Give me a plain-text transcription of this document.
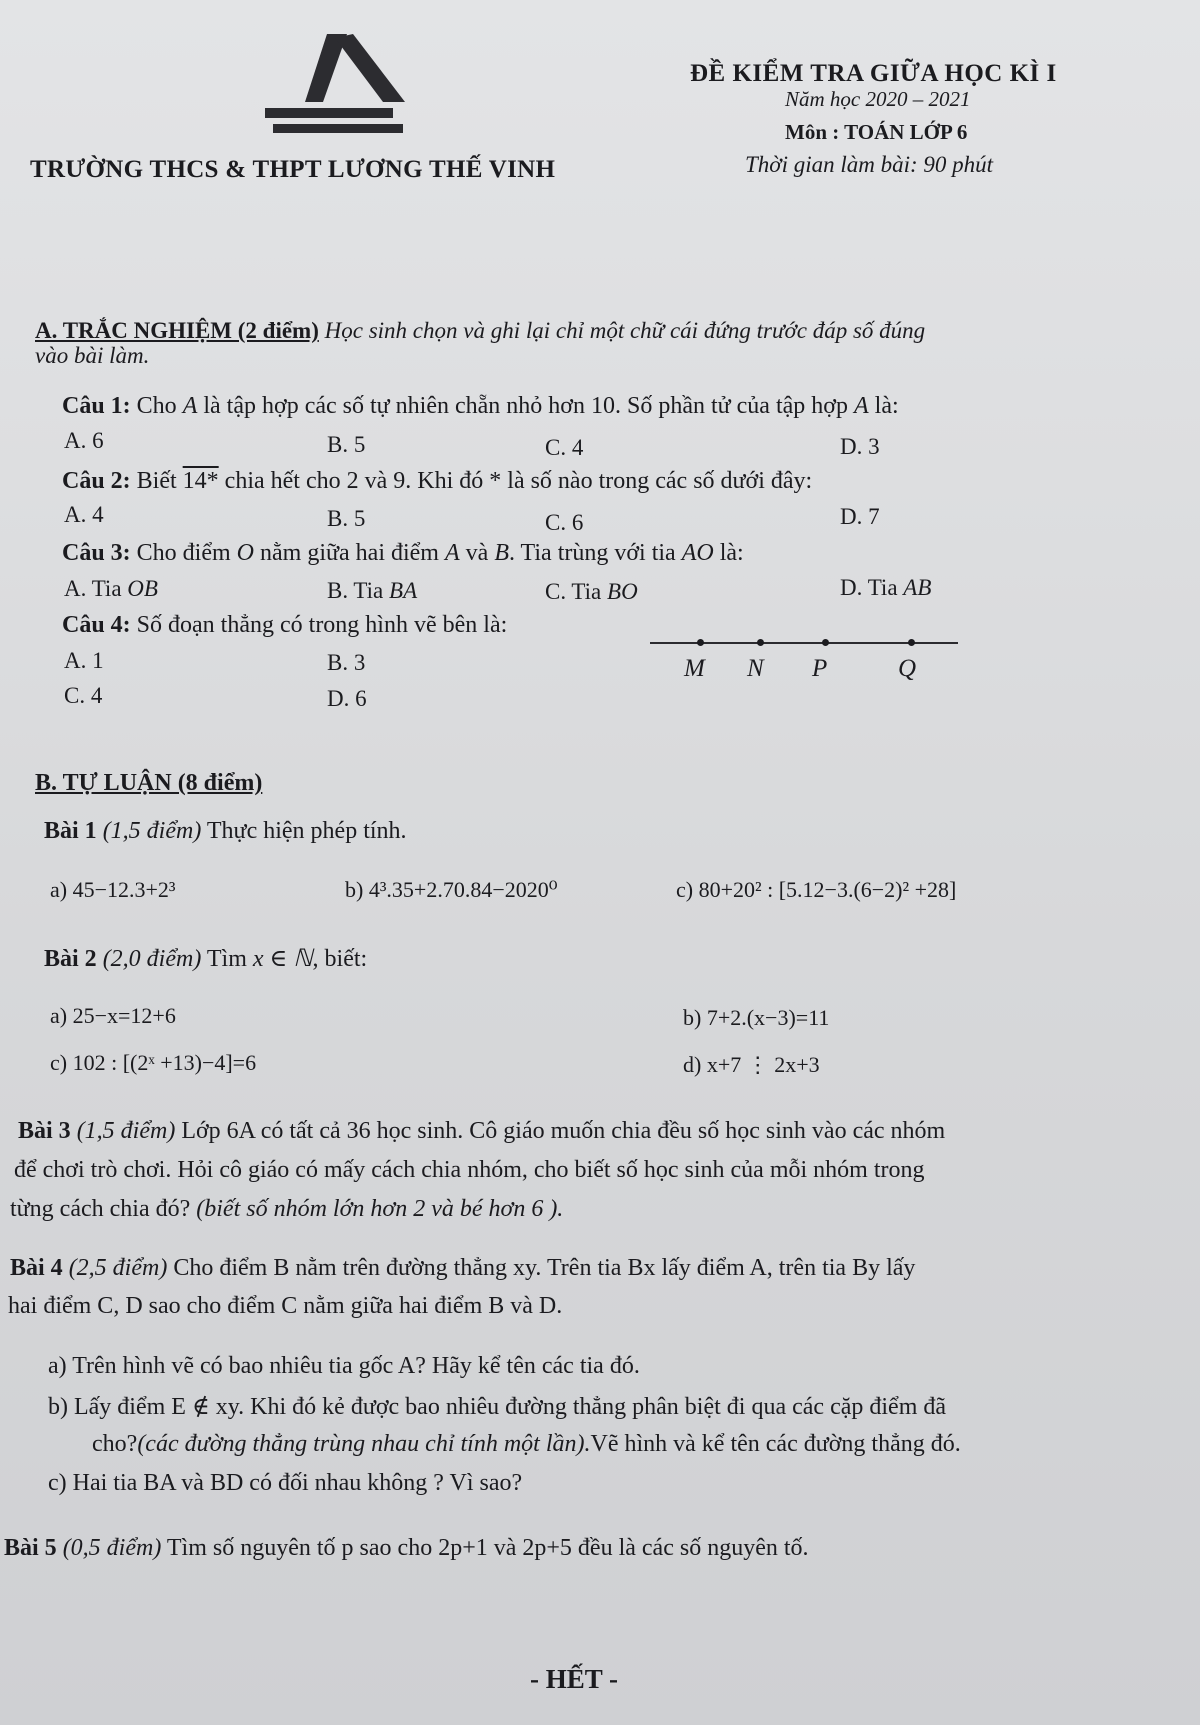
TRƯỜNG THCS & THPT LƯƠNG THẾ VINH
ĐỀ KIỂM TRA GIỮA HỌC KÌ I
Năm học 2020 – 2021
Môn : TOÁN LỚP 6
Thời gian làm bài: 90 phút
A. TRẮC NGHIỆM (2 điểm) Học sinh chọn và ghi lại chỉ một chữ cái đứng trước đáp số đúng
vào bài làm.
Câu 1: Cho A là tập hợp các số tự nhiên chẵn nhỏ hơn 10. Số phần tử của tập hợp A là:
A. 6	B. 5	C. 4	D. 3
Câu 2: Biết 14* chia hết cho 2 và 9. Khi đó * là số nào trong các số dưới đây:
A. 4	B. 5	C. 6	D. 7
Câu 3: Cho điểm O nằm giữa hai điểm A và B. Tia trùng với tia AO là:
A. Tia OB	B. Tia BA	C. Tia BO	D. Tia AB
Câu 4: Số đoạn thẳng có trong hình vẽ bên là:
A. 1	B. 3
C. 4	D. 6
M N P	Q
B. TỰ LUẬN (8 điểm)
Bài 1 (1,5 điểm) Thực hiện phép tính.
a) 45−12.3+2³	b) 4³.35+2.70.84−2020⁰	c) 80+20² : [5.12−3.(6−2)² +28]
Bài 2 (2,0 điểm) Tìm x ∈ ℕ, biết:
a) 25−x=12+6	b) 7+2.(x−3)=11
c) 102 : [(2ˣ +13)−4]=6	d) x+7 ⋮ 2x+3
Bài 3 (1,5 điểm) Lớp 6A có tất cả 36 học sinh. Cô giáo muốn chia đều số học sinh vào các nhóm
để chơi trò chơi. Hỏi cô giáo có mấy cách chia nhóm, cho biết số học sinh của mỗi nhóm trong
từng cách chia đó? (biết số nhóm lớn hơn 2 và bé hơn 6 ).
Bài 4 (2,5 điểm) Cho điểm B nằm trên đường thẳng xy. Trên tia Bx lấy điểm A, trên tia By lấy
hai điểm C, D sao cho điểm C nằm giữa hai điểm B và D.
a) Trên hình vẽ có bao nhiêu tia gốc A? Hãy kể tên các tia đó.
b) Lấy điểm E ∉ xy. Khi đó kẻ được bao nhiêu đường thẳng phân biệt đi qua các cặp điểm đã
cho?(các đường thẳng trùng nhau chỉ tính một lần).Vẽ hình và kể tên các đường thẳng đó.
c) Hai tia BA và BD có đối nhau không ? Vì sao?
Bài 5 (0,5 điểm) Tìm số nguyên tố p sao cho 2p+1 và 2p+5 đều là các số nguyên tố.
- HẾT -
